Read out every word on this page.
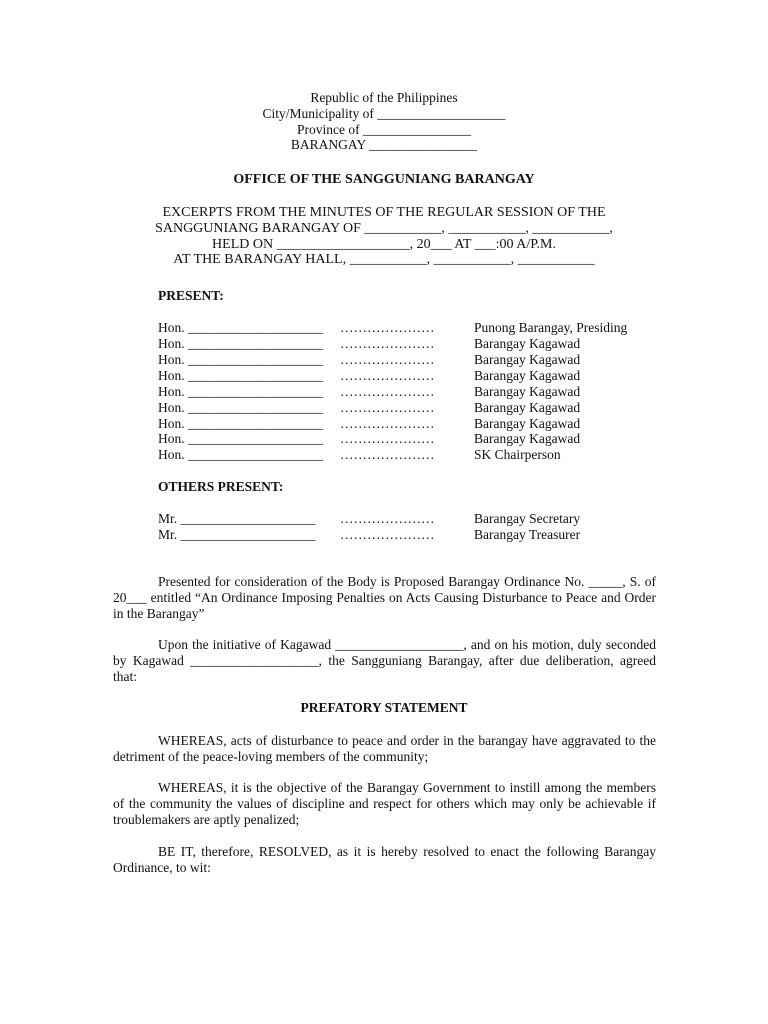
Republic of the Philippines
City/Municipality of ___________________
Province of ________________
BARANGAY ________________
OFFICE OF THE SANGGUNIANG BARANGAY
EXCERPTS FROM THE MINUTES OF THE REGULAR SESSION OF THE
SANGGUNIANG BARANGAY OF ___________, ___________, ___________,
HELD ON ___________________, 20___ AT ___:00 A/P.M.
AT THE BARANGAY HALL, ___________, ___________, ___________
PRESENT:
Hon. ____________________ …………………	Punong Barangay, Presiding
Hon. ____________________ …………………	Barangay Kagawad
Hon. ____________________ …………………	Barangay Kagawad
Hon. ____________________ …………………	Barangay Kagawad
Hon. ____________________ …………………	Barangay Kagawad
Hon. ____________________ …………………	Barangay Kagawad
Hon. ____________________ …………………	Barangay Kagawad
Hon. ____________________ …………………	Barangay Kagawad
Hon. ____________________ …………………	SK Chairperson
OTHERS PRESENT:
Mr. ____________________ …………………	Barangay Secretary
Mr. ____________________ …………………	Barangay Treasurer
Presented for consideration of the Body is Proposed Barangay Ordinance No. _____, S. of 20___ entitled “An Ordinance Imposing Penalties on Acts Causing Disturbance to Peace and Order in the Barangay”
Upon the initiative of Kagawad ___________________, and on his motion, duly seconded by Kagawad ___________________, the Sangguniang Barangay, after due deliberation, agreed that:
PREFATORY STATEMENT
WHEREAS, acts of disturbance to peace and order in the barangay have aggravated to the detriment of the peace-loving members of the community;
WHEREAS, it is the objective of the Barangay Government to instill among the members of the community the values of discipline and respect for others which may only be achievable if troublemakers are aptly penalized;
BE IT, therefore, RESOLVED, as it is hereby resolved to enact the following Barangay Ordinance, to wit:
